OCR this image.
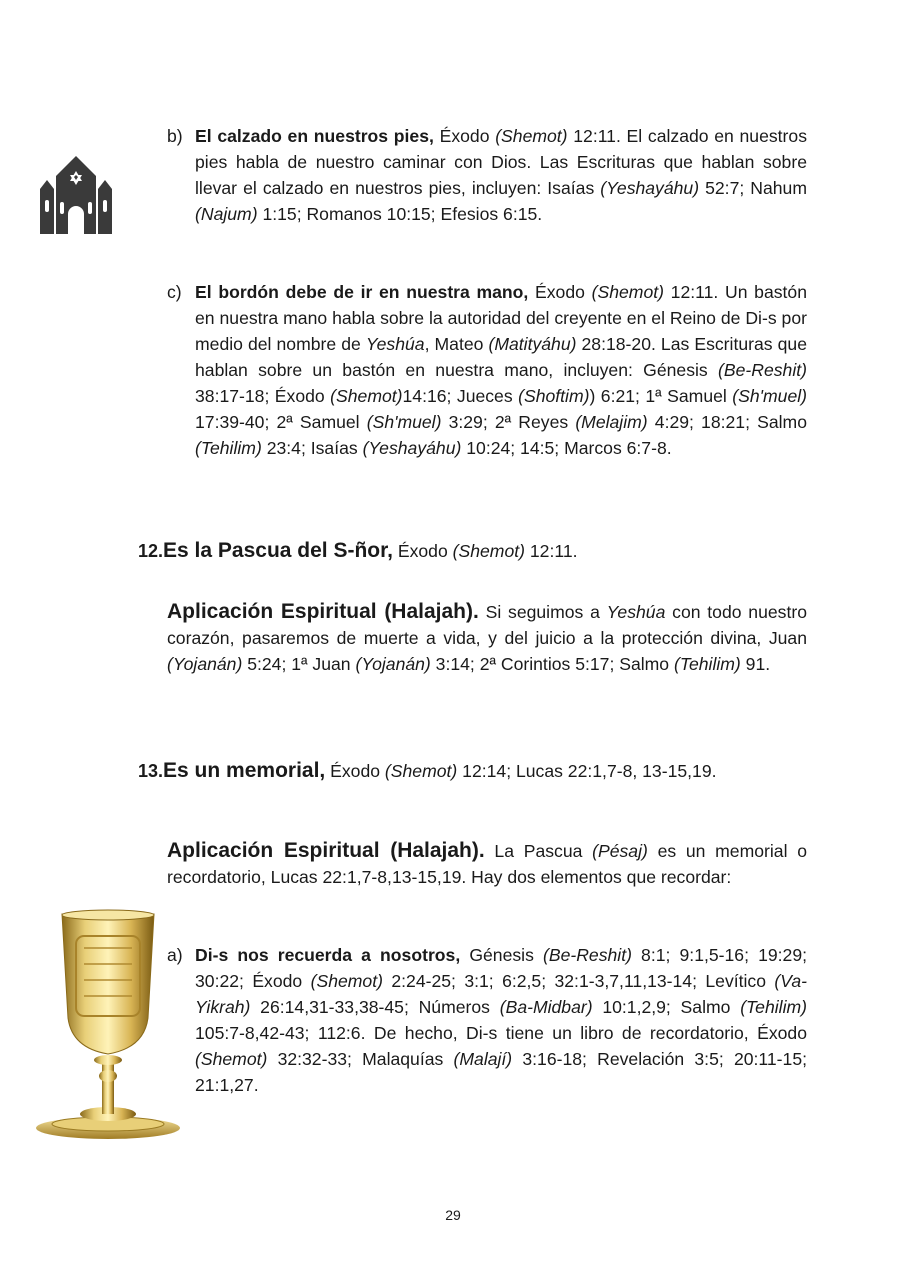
b) El calzado en nuestros pies, Éxodo (Shemot) 12:11. El calzado en nuestros pies habla de nuestro caminar con Dios. Las Escrituras que hablan sobre llevar el calzado en nuestros pies, incluyen: Isaías (Yeshayáhu) 52:7; Nahum (Najum) 1:15; Romanos 10:15; Efesios 6:15.
c) El bordón debe de ir en nuestra mano, Éxodo (Shemot) 12:11. Un bastón en nuestra mano habla sobre la autoridad del creyente en el Reino de Di-s por medio del nombre de Yeshúa, Mateo (Matityáhu) 28:18-20. Las Escrituras que hablan sobre un bastón en nuestra mano, incluyen: Génesis (Be-Reshit) 38:17-18; Éxodo (Shemot)14:16; Jueces (Shoftim)) 6:21; 1ª Samuel (Sh'muel) 17:39-40; 2ª Samuel (Sh'muel) 3:29; 2ª Reyes (Melajim) 4:29; 18:21; Salmo (Tehilim) 23:4; Isaías (Yeshayáhu) 10:24; 14:5; Marcos 6:7-8.
12.Es la Pascua del S-ñor, Éxodo (Shemot) 12:11.
Aplicación Espiritual (Halajah). Si seguimos a Yeshúa con todo nuestro corazón, pasaremos de muerte a vida, y del juicio a la protección divina, Juan (Yojanán) 5:24; 1ª Juan (Yojanán) 3:14; 2ª Corintios 5:17; Salmo (Tehilim) 91.
13.Es un memorial, Éxodo (Shemot) 12:14; Lucas 22:1,7-8, 13-15,19.
Aplicación Espiritual (Halajah). La Pascua (Pésaj) es un memorial o recordatorio, Lucas 22:1,7-8,13-15,19. Hay dos elementos que recordar:
a) Di-s nos recuerda a nosotros, Génesis (Be-Reshit) 8:1; 9:1,5-16; 19:29; 30:22; Éxodo (Shemot) 2:24-25; 3:1; 6:2,5; 32:1-3,7,11,13-14; Levítico (Va-Yikrah) 26:14,31-33,38-45; Números (Ba-Midbar) 10:1,2,9; Salmo (Tehilim) 105:7-8,42-43; 112:6. De hecho, Di-s tiene un libro de recordatorio, Éxodo (Shemot) 32:32-33; Malaquías (Malají) 3:16-18; Revelación 3:5; 20:11-15; 21:1,27.
29
